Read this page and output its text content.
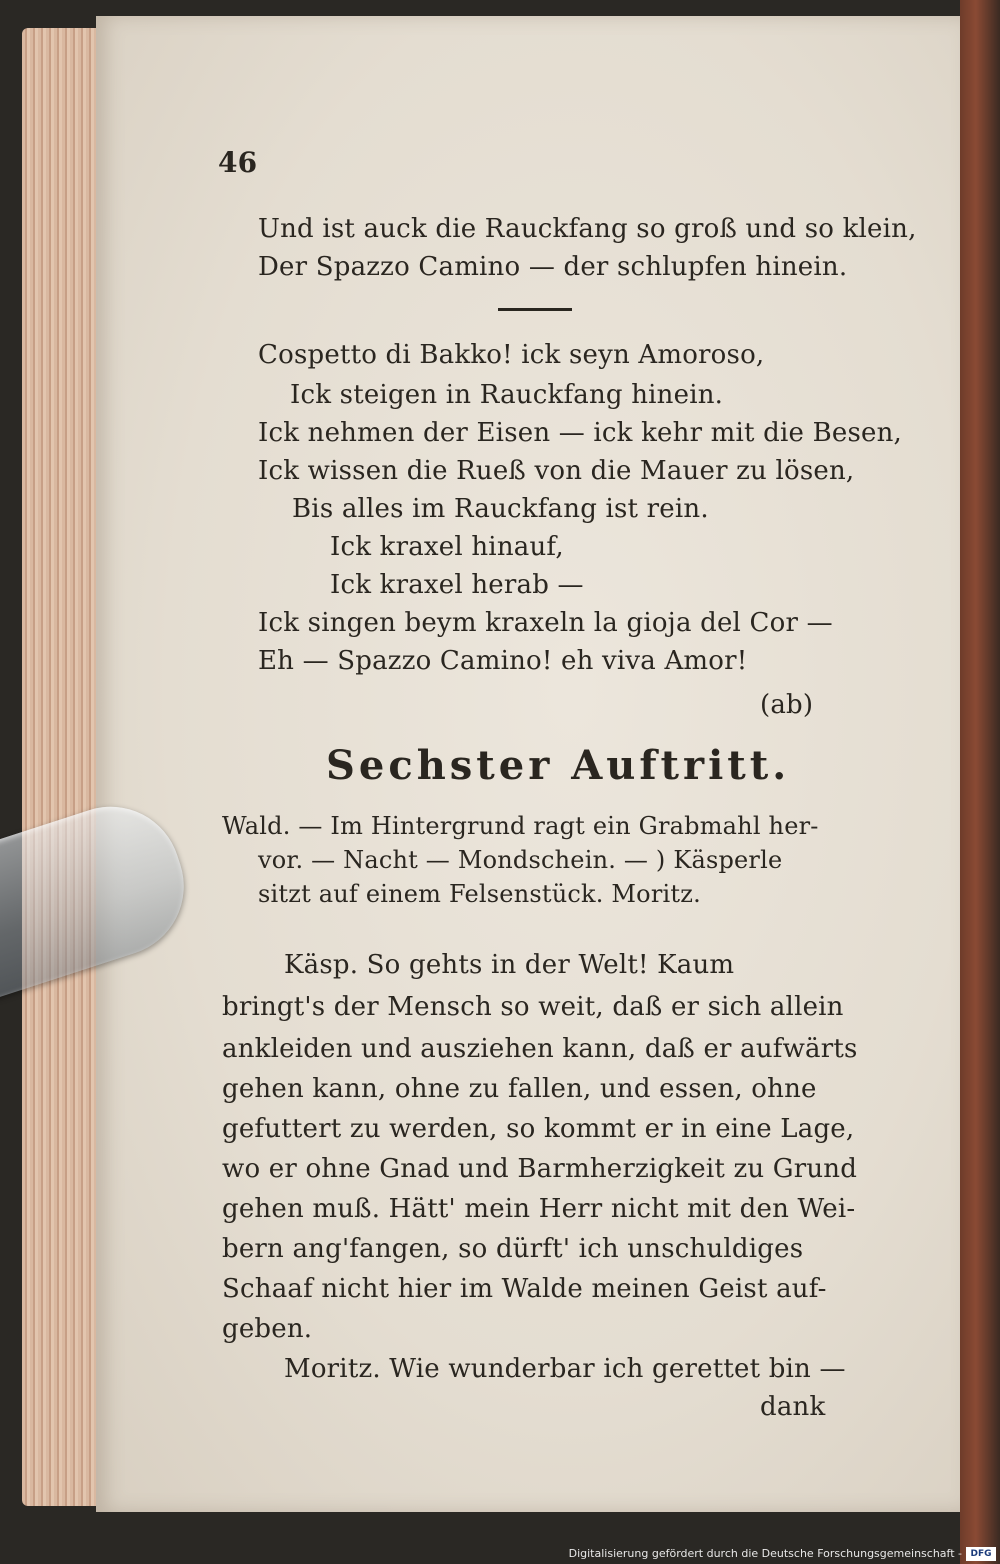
46
Und ist auck die Rauckfang so groß und so klein,
Der Spazzo Camino — der schlupfen hinein.
Cospetto di Bakko! ick seyn Amoroso,
Ick steigen in Rauckfang hinein.
Ick nehmen der Eisen — ick kehr mit die Besen,
Ick wissen die Rueß von die Mauer zu lösen,
Bis alles im Rauckfang ist rein.
Ick kraxel hinauf,
Ick kraxel herab —
Ick singen beym kraxeln la gioja del Cor —
Eh — Spazzo Camino! eh viva Amor!
(ab)
Sechster Auftritt.
Wald. — Im Hintergrund ragt ein Grabmahl her-
vor. — Nacht — Mondschein. — ) Käsperle
sitzt auf einem Felsenstück. Moritz.
Käsp. So gehts in der Welt! Kaum
bringt's der Mensch so weit, daß er sich allein
ankleiden und ausziehen kann, daß er aufwärts
gehen kann, ohne zu fallen, und essen, ohne
gefuttert zu werden, so kommt er in eine Lage,
wo er ohne Gnad und Barmherzigkeit zu Grund
gehen muß. Hätt' mein Herr nicht mit den Wei-
bern ang'fangen, so dürft' ich unschuldiges
Schaaf nicht hier im Walde meinen Geist auf-
geben.
Moritz. Wie wunderbar ich gerettet bin —
dank
Digitalisierung gefördert durch die Deutsche Forschungsgemeinschaft - DFG
